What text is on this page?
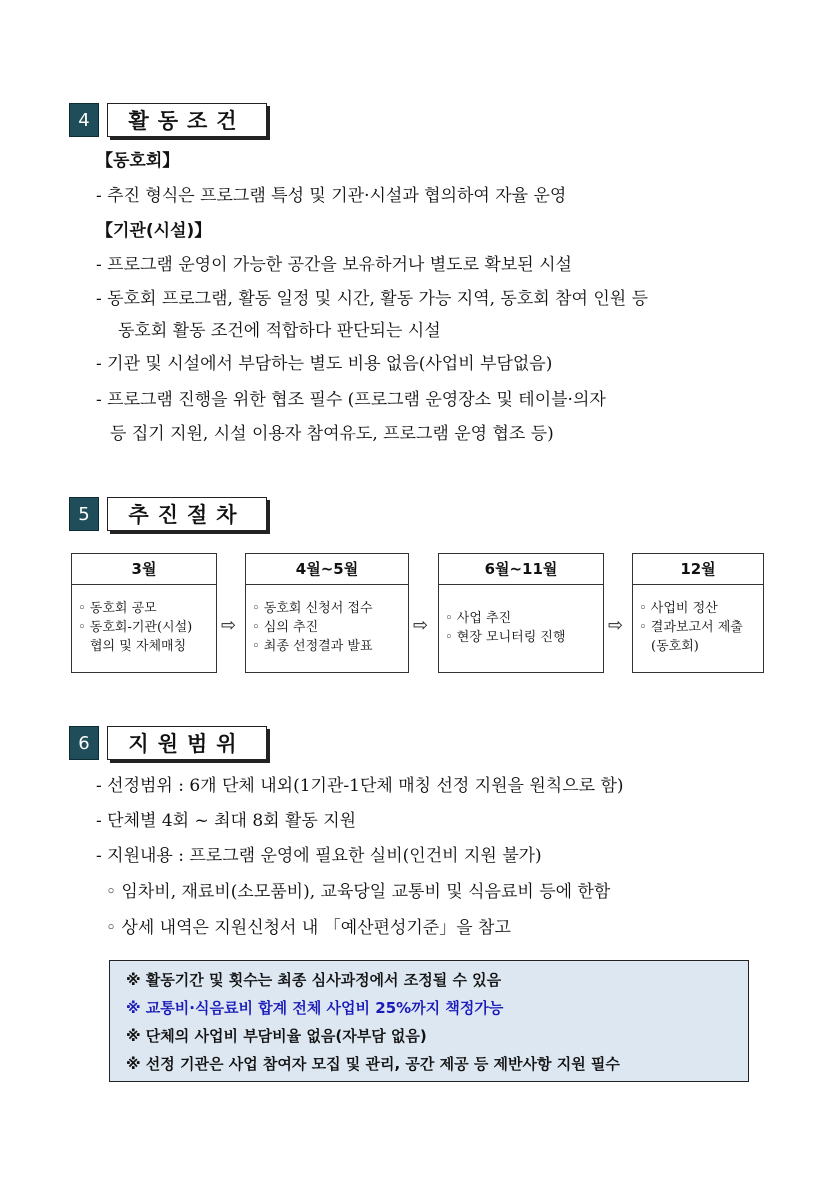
4	활동조건
【동호회】
- 추진 형식은 프로그램 특성 및 기관·시설과 협의하여 자율 운영
【기관(시설)】
- 프로그램 운영이 가능한 공간을 보유하거나 별도로 확보된 시설
- 동호회 프로그램, 활동 일정 및 시간, 활동 가능 지역, 동호회 참여 인원 등
동호회 활동 조건에 적합하다 판단되는 시설
- 기관 및 시설에서 부담하는 별도 비용 없음(사업비 부담없음)
- 프로그램 진행을 위한 협조 필수 (프로그램 운영장소 및 테이블·의자
등 집기 지원, 시설 이용자 참여유도, 프로그램 운영 협조 등)
5	추진절차
3월
◦ 동호회 공모
◦ 동호회-기관(시설)
협의 및 자체매칭
⇨
4월~5월
◦ 동호회 신청서 접수
◦ 심의 추진
◦ 최종 선정결과 발표
⇨
6월~11월
◦ 사업 추진
◦ 현장 모니터링 진행
⇨
12월
◦ 사업비 정산
◦ 결과보고서 제출
(동호회)
6	지원범위
- 선정범위 : 6개 단체 내외(1기관-1단체 매칭 선정 지원을 원칙으로 함)
- 단체별 4회 ~ 최대 8회 활동 지원
- 지원내용 : 프로그램 운영에 필요한 실비(인건비 지원 불가)
◦ 임차비, 재료비(소모품비), 교육당일 교통비 및 식음료비 등에 한함
◦ 상세 내역은 지원신청서 내 「예산편성기준」을 참고
※ 활동기간 및 횟수는 최종 심사과정에서 조정될 수 있음
※ 교통비·식음료비 합계 전체 사업비 25%까지 책정가능
※ 단체의 사업비 부담비율 없음(자부담 없음)
※ 선정 기관은 사업 참여자 모집 및 관리, 공간 제공 등 제반사항 지원 필수
